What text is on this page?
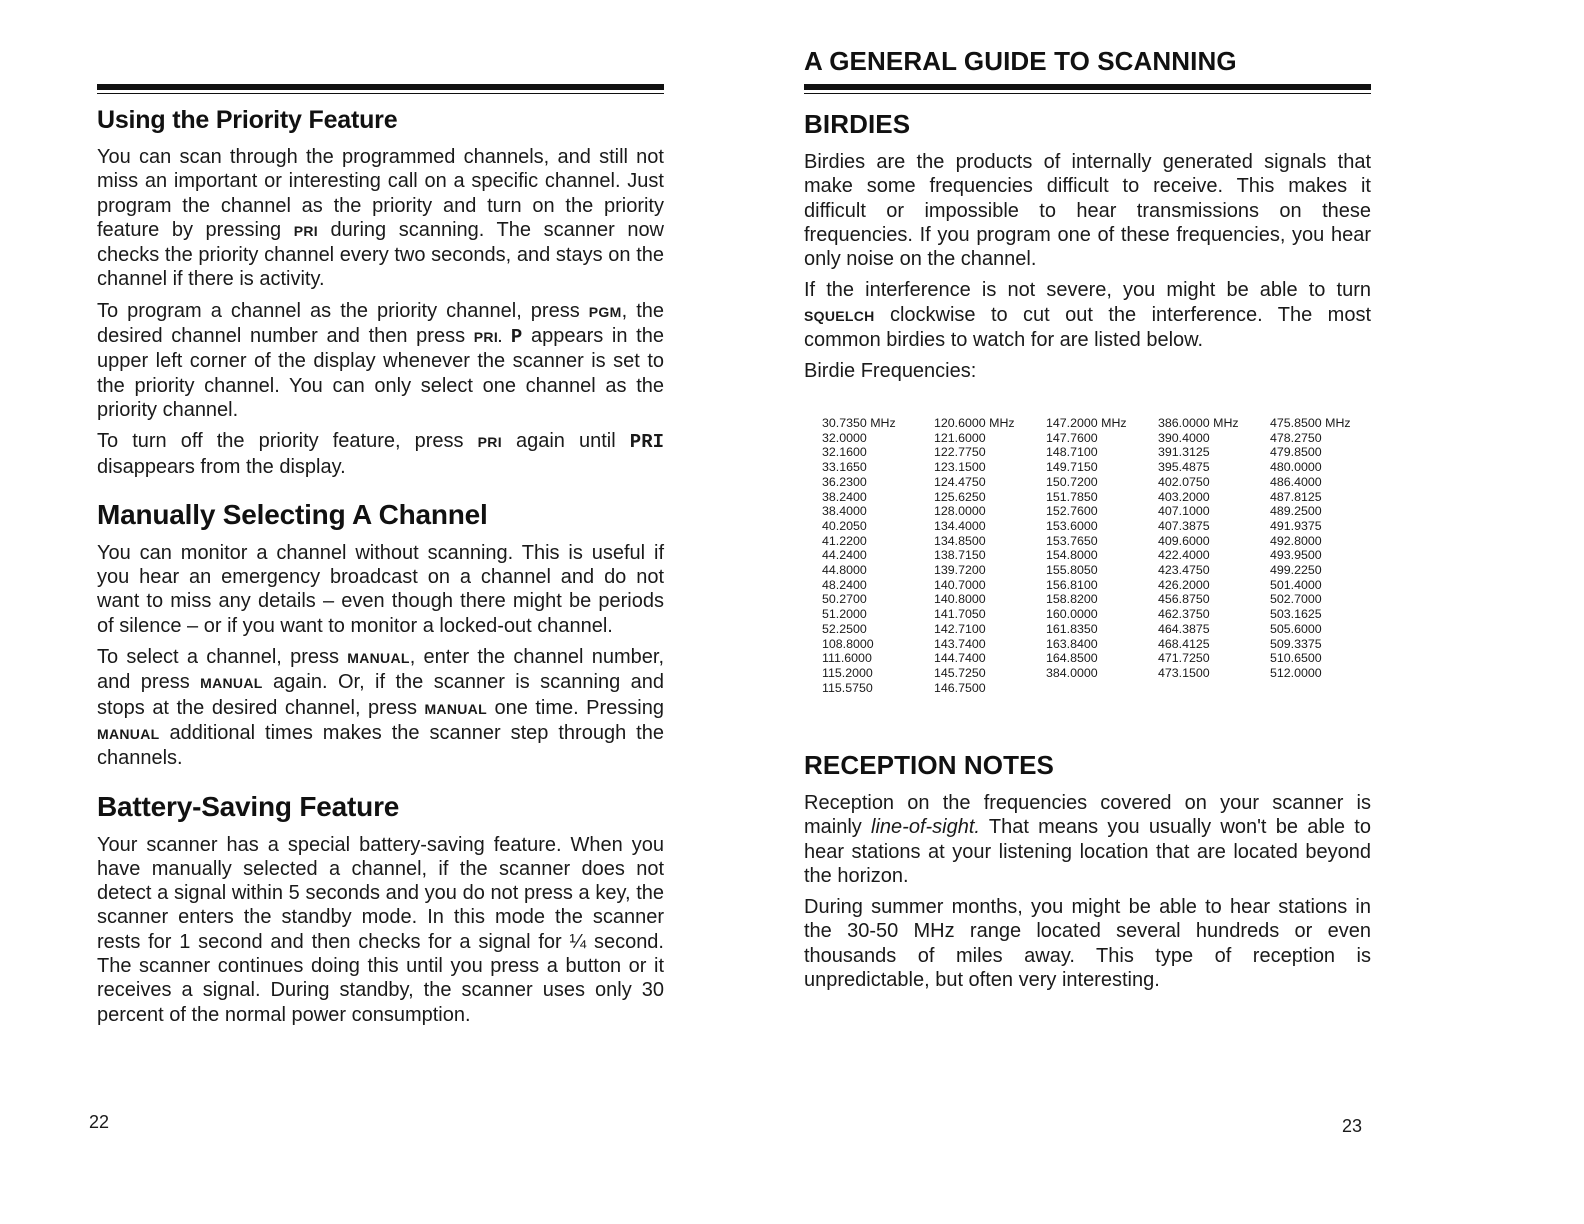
Using the Priority Feature

You can scan through the programmed channels, and still not miss an important or interesting call on a specific channel. Just program the channel as the priority and turn on the priority feature by pressing PRI during scanning. The scanner now checks the priority channel every two seconds, and stays on the channel if there is activity.

To program a channel as the priority channel, press PGM, the desired channel number and then press PRI. P appears in the upper left corner of the display whenever the scanner is set to the priority channel. You can only select one channel as the priority channel.

To turn off the priority feature, press PRI again until PRI disappears from the display.

Manually Selecting A Channel

You can monitor a channel without scanning. This is useful if you hear an emergency broadcast on a channel and do not want to miss any details – even though there might be periods of silence – or if you want to monitor a locked-out channel.

To select a channel, press MANUAL, enter the channel number, and press MANUAL again. Or, if the scanner is scanning and stops at the desired channel, press MANUAL one time. Pressing MANUAL additional times makes the scanner step through the channels.

Battery-Saving Feature

Your scanner has a special battery-saving feature. When you have manually selected a channel, if the scanner does not detect a signal within 5 seconds and you do not press a key, the scanner enters the standby mode. In this mode the scanner rests for 1 second and then checks for a signal for ¼ second. The scanner continues doing this until you press a button or it receives a signal. During standby, the scanner uses only 30 percent of the normal power consumption.

22
A GENERAL GUIDE TO SCANNING
BIRDIES

Birdies are the products of internally generated signals that make some frequencies difficult to receive. This makes it difficult or impossible to hear transmissions on these frequencies. If you program one of these frequencies, you hear only noise on the channel.

If the interference is not severe, you might be able to turn SQUELCH clockwise to cut out the interference. The most common birdies to watch for are listed below.

Birdie Frequencies:

30.7350 MHz
32.0000
32.1600
33.1650
36.2300
38.2400
38.4000
40.2050
41.2200
44.2400
44.8000
48.2400
50.2700
51.2000
52.2500
108.8000
111.6000
115.2000
115.5750
120.6000 MHz
121.6000
122.7750
123.1500
124.4750
125.6250
128.0000
134.4000
134.8500
138.7150
139.7200
140.7000
140.8000
141.7050
142.7100
143.7400
144.7400
145.7250
146.7500
147.2000 MHz
147.7600
148.7100
149.7150
150.7200
151.7850
152.7600
153.6000
153.7650
154.8000
155.8050
156.8100
158.8200
160.0000
161.8350
163.8400
164.8500
384.0000
386.0000 MHz
390.4000
391.3125
395.4875
402.0750
403.2000
407.1000
407.3875
409.6000
422.4000
423.4750
426.2000
456.8750
462.3750
464.3875
468.4125
471.7250
473.1500
475.8500 MHz
478.2750
479.8500
480.0000
486.4000
487.8125
489.2500
491.9375
492.8000
493.9500
499.2250
501.4000
502.7000
503.1625
505.6000
509.3375
510.6500
512.0000
RECEPTION NOTES

Reception on the frequencies covered on your scanner is mainly line-of-sight. That means you usually won't be able to hear stations at your listening location that are located beyond the horizon.

During summer months, you might be able to hear stations in the 30-50 MHz range located several hundreds or even thousands of miles away. This type of reception is unpredictable, but often very interesting.

23
